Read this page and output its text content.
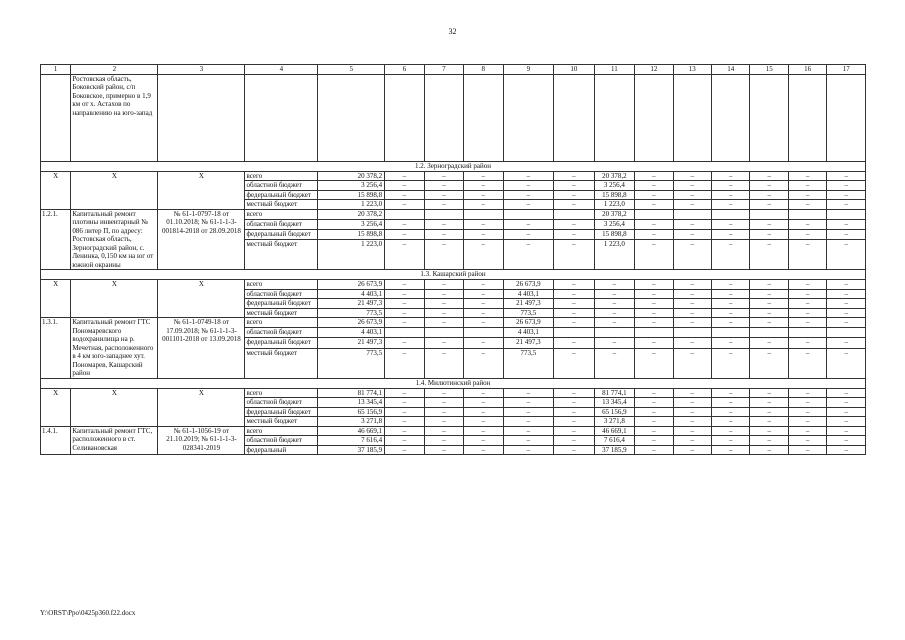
32
1	2	3	4	5	6	7	8	9	10	11	12	13	14	15	16	17
	Ростовская область, Боковский район, с/п Боковское, примерно в 1,9 км от х. Астахов по направлению на юго-запад															
1.2. Зерноградский район																
Х	Х	Х	всего	20 378,2	–	–	–	–	–	20 378,2	–	–	–	–	–	–
			областной бюджет	3 256,4	–	–	–	–	–	3 256,4	–	–	–	–	–	–
			федеральный бюджет	15 898,8	–	–	–	–	–	15 898,8	–	–	–	–	–	–
			местный бюджет	1 223,0	–	–	–	–	–	1 223,0	–	–	–	–	–	–
1.2.1.	Капитальный ремонт плотины инвентарный № 086 литер П, по адресу: Ростовская область, Зерноградский район, с. Ленинка, 0,150 км на юг от южной окраины	№ 61-1-0797-18 от 01.10.2018; № 61-1-1-3-001814-2018 от 28.09.2018	всего	20 378,2						20 378,2						
			областной бюджет	3 256,4	–	–	–	–	–	3 256,4	–	–	–	–	–	–
			федеральный бюджет	15 898,8	–	–	–	–	–	15 898,8	–	–	–	–	–	–
			местный бюджет	1 223,0	–	–	–	–	–	1 223,0	–	–	–	–	–	–
1.3. Кашарский район																
Х	Х	Х	всего	26 673,9	–	–	–	26 673,9	–	–	–	–	–	–	–	–
			областной бюджет	4 403,1	–	–	–	4 403,1	–	–	–	–	–	–	–	–
			федеральный бюджет	21 497,3	–	–	–	21 497,3	–	–	–	–	–	–	–	–
			местный бюджет	773,5	–	–	–	773,5	–	–	–	–	–	–	–	–
1.3.1.	Капитальный ремонт ГТС Пономаревского водохранилища на р. Мечетная, расположенного в 4 км юго-западнее хут. Пономарев, Кашарский район	№ 61-1-0749-18 от 17.09.2018; № 61-1-1-3-001101-2018 от 13.09.2018	всего	26 673,9	–	–	–	26 673,9	–	–	–	–	–	–	–	–
			областной бюджет	4 403,1				4 403,1								
			федеральный бюджет	21 497,3	–	–	–	21 497,3	–	–	–	–	–	–	–	–
			местный бюджет	773,5	–	–	–	773,5	–	–	–	–	–	–	–	–
1.4. Милютинский район																
Х	Х	Х	всего	81 774,1	–	–	–	–	–	81 774,1	–	–	–	–	–	–
			областной бюджет	13 345,4	–	–	–	–	–	13 345,4	–	–	–	–	–	–
			федеральный бюджет	65 156,9	–	–	–	–	–	65 156,9	–	–	–	–	–	–
			местный бюджет	3 271,8	–	–	–	–	–	3 271,8	–	–	–	–	–	–
1.4.1.	Капитальный ремонт ГТС, расположенного в ст. Селивановская	№ 61-1-1056-19 от 21.10.2019; № 61-1-1-3-028341-2019	всего	46 669,1	–	–	–	–	–	46 669,1	–	–	–	–	–	–
			областной бюджет	7 616,4	–	–	–	–	–	7 616,4	–	–	–	–	–	–
			федеральный	37 185,9	–	–	–	–	–	37 185,9	–	–	–	–	–	–
Y:\ORST\Ppo\0425p360.f22.docx
